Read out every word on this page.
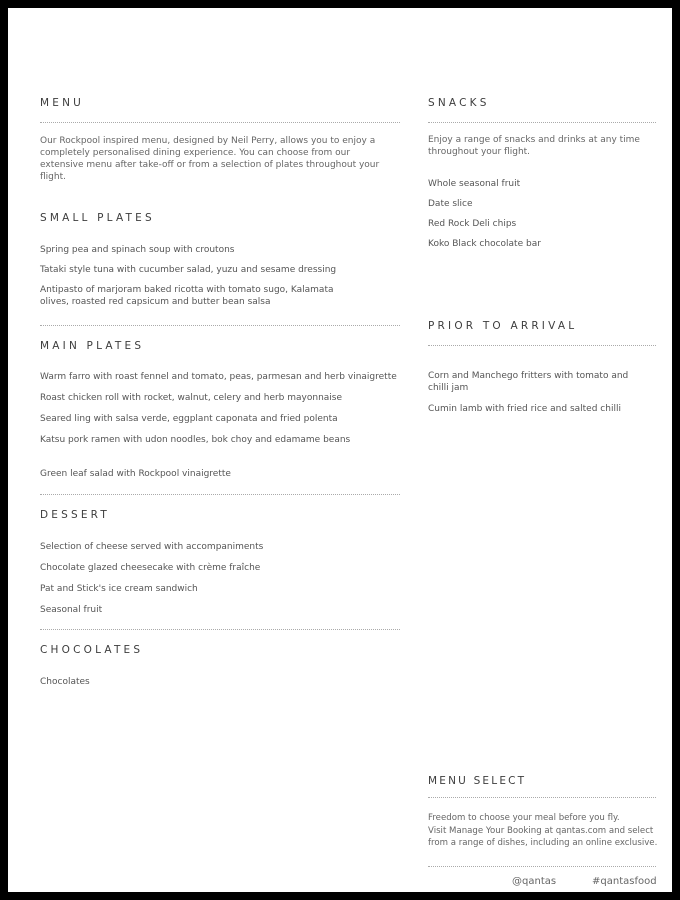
MENU

Our Rockpool inspired menu, designed by Neil Perry, allows you to enjoy a completely personalised dining experience. You can choose from our extensive menu after take-off or from a selection of plates throughout your flight.

SMALL PLATES
Spring pea and spinach soup with croutons
Tataki style tuna with cucumber salad, yuzu and sesame dressing
Antipasto of marjoram baked ricotta with tomato sugo, Kalamata olives, roasted red capsicum and butter bean salsa
MAIN PLATES
Warm farro with roast fennel and tomato, peas, parmesan and herb vinaigrette
Roast chicken roll with rocket, walnut, celery and herb mayonnaise
Seared ling with salsa verde, eggplant caponata and fried polenta
Katsu pork ramen with udon noodles, bok choy and edamame beans
Green leaf salad with Rockpool vinaigrette
DESSERT
Selection of cheese served with accompaniments
Chocolate glazed cheesecake with crème fraîche
Pat and Stick's ice cream sandwich
Seasonal fruit
CHOCOLATES
Chocolates
SNACKS

Enjoy a range of snacks and drinks at any time throughout your flight.

Whole seasonal fruit
Date slice
Red Rock Deli chips
Koko Black chocolate bar
PRIOR TO ARRIVAL
Corn and Manchego fritters with tomato and chilli jam
Cumin lamb with fried rice and salted chilli
MENU SELECT

Freedom to choose your meal before you fly.

Visit Manage Your Booking at qantas.com and select from a range of dishes, including an online exclusive.

@qantas	#qantasfood
